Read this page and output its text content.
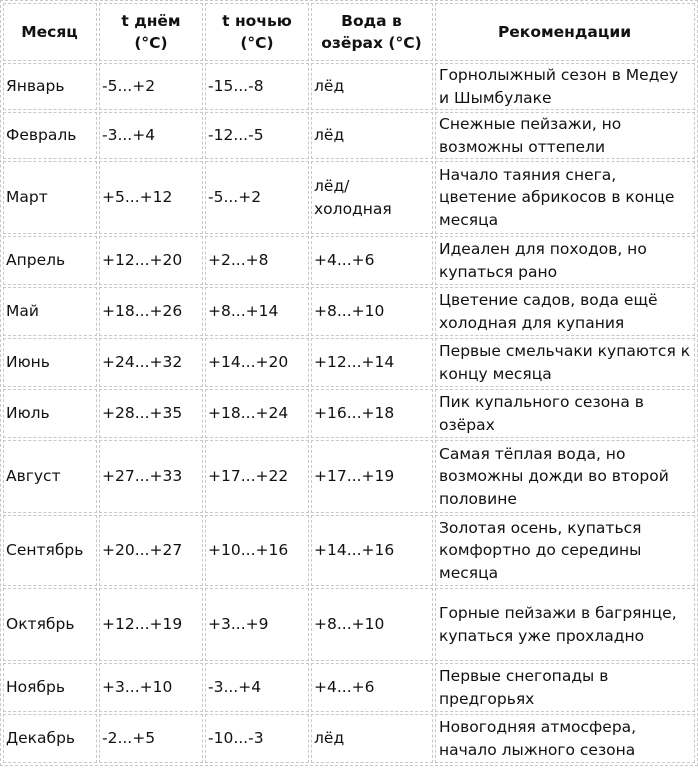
Месяц	t днём (°C)	t ночью (°C)	Вода в озёрах (°C)	Рекомендации
Январь	-5...+2	-15...-8	лёд	Горнолыжный сезон в Медеу и Шымбулаке
Февраль	-3...+4	-12...-5	лёд	Снежные пейзажи, но возможны оттепели
Март	+5...+12	-5...+2	лёд/ холодная	Начало таяния снега, цветение абрикосов в конце месяца
Апрель	+12...+20	+2...+8	+4...+6	Идеален для походов, но купаться рано
Май	+18...+26	+8...+14	+8...+10	Цветение садов, вода ещё холодная для купания
Июнь	+24...+32	+14...+20	+12...+14	Первые смельчаки купаются к концу месяца
Июль	+28...+35	+18...+24	+16...+18	Пик купального сезона в озёрах
Август	+27...+33	+17...+22	+17...+19	Самая тёплая вода, но возможны дожди во второй половине
Сентябрь	+20...+27	+10...+16	+14...+16	Золотая осень, купаться комфортно до середины месяца
Октябрь	+12...+19	+3...+9	+8...+10	Горные пейзажи в багрянце, купаться уже прохладно
Ноябрь	+3...+10	-3...+4	+4...+6	Первые снегопады в предгорьях
Декабрь	-2...+5	-10...-3	лёд	Новогодняя атмосфера, начало лыжного сезона
